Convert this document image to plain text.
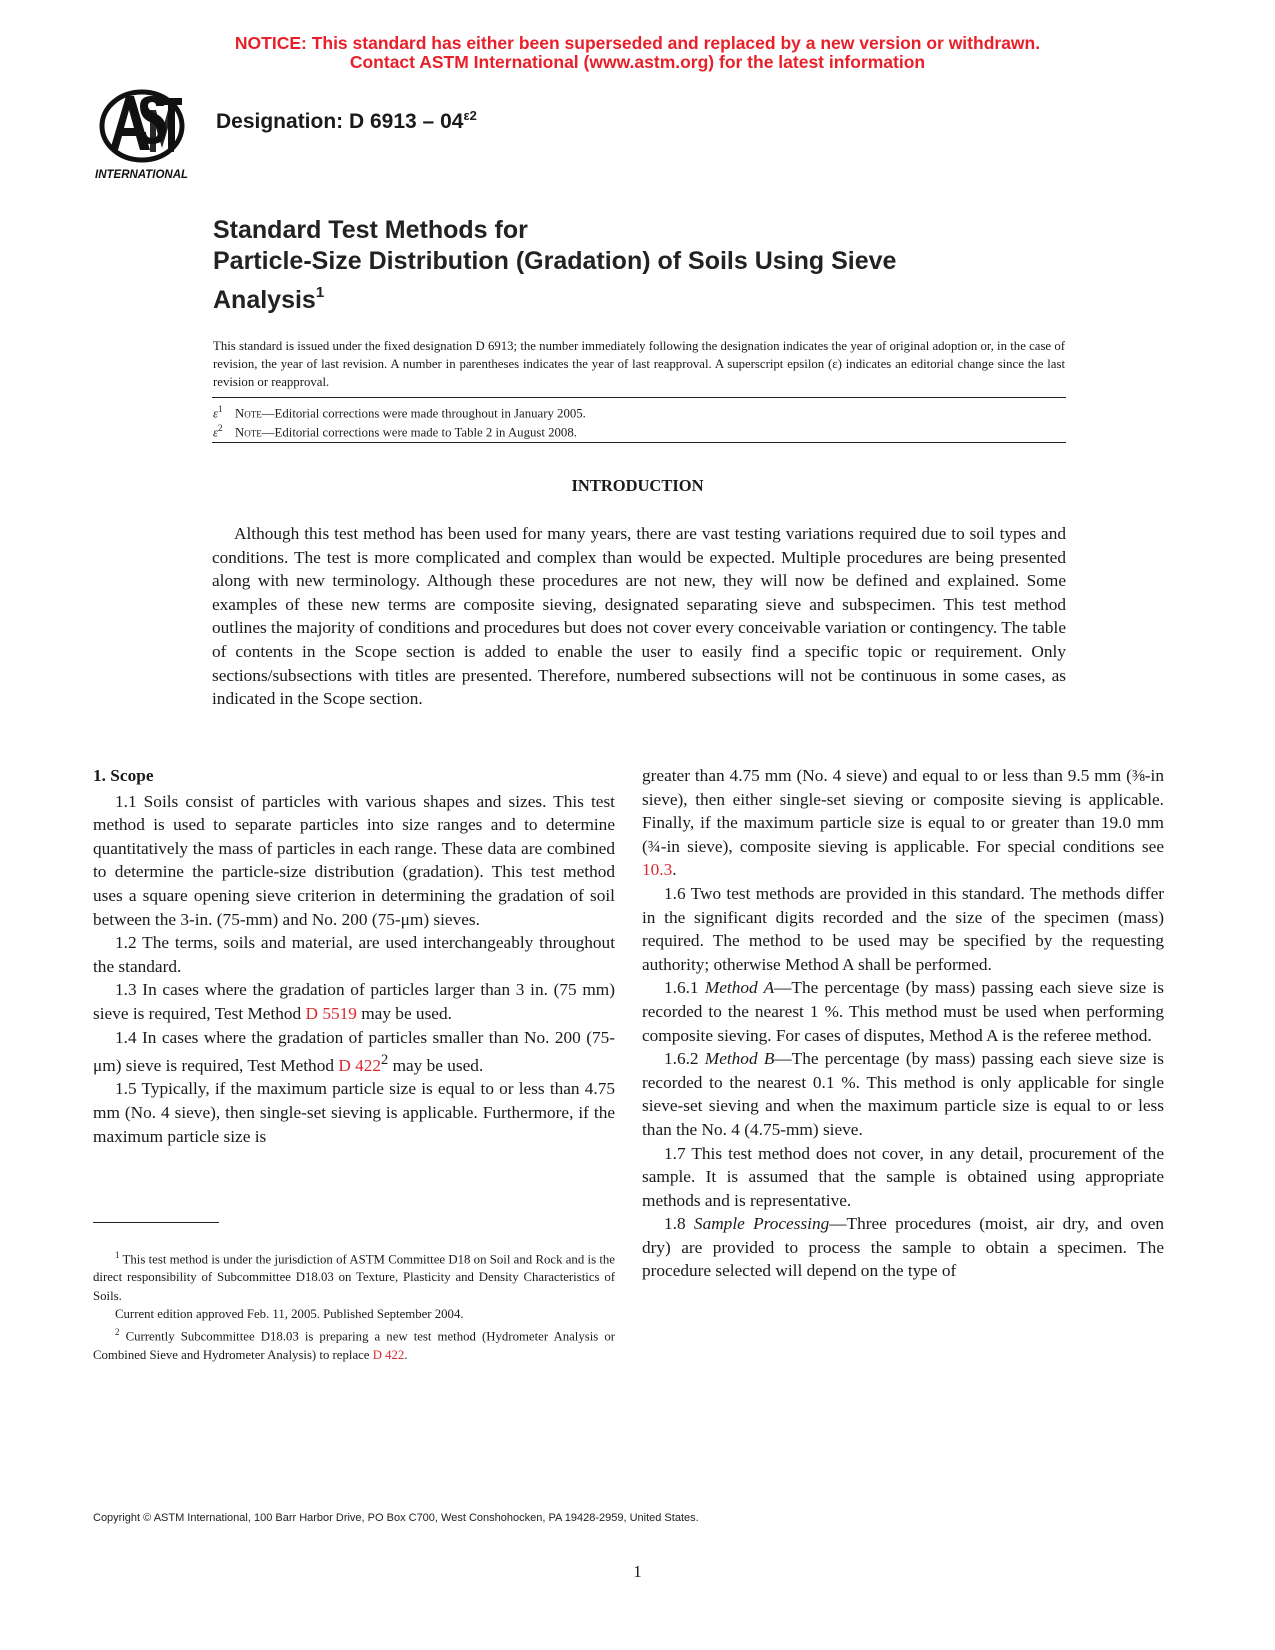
NOTICE: This standard has either been superseded and replaced by a new version or withdrawn.
Contact ASTM International (www.astm.org) for the latest information
INTERNATIONAL
Designation: D $6913 - 04^{\varepsilon 2}$
Standard Test Methods for
Particle-Size Distribution (Gradation) of Soils Using Sieve
Analysis$^1$
This standard is issued under the fixed designation D 6913; the number immediately following the designation indicates the year of original adoption or, in the case of revision, the year of last revision. A number in parentheses indicates the year of last reapproval. A superscript epsilon (ε) indicates an editorial change since the last revision or reapproval.
$\varepsilon^1$ Note—Editorial corrections were made throughout in January 2005.
$\varepsilon^2$ Note—Editorial corrections were made to Table 2 in August 2008.
INTRODUCTION

Although this test method has been used for many years, there are vast testing variations required due to soil types and conditions. The test is more complicated and complex than would be expected. Multiple procedures are being presented along with new terminology. Although these procedures are not new, they will now be defined and explained. Some examples of these new terms are composite sieving, designated separating sieve and subspecimen. This test method outlines the majority of conditions and procedures but does not cover every conceivable variation or contingency. The table of contents in the Scope section is added to enable the user to easily find a specific topic or requirement. Only sections/subsections with titles are presented. Therefore, numbered subsections will not be continuous in some cases, as indicated in the Scope section.

1. Scope

1.1 Soils consist of particles with various shapes and sizes. This test method is used to separate particles into size ranges and to determine quantitatively the mass of particles in each range. These data are combined to determine the particle-size distribution (gradation). This test method uses a square opening sieve criterion in determining the gradation of soil between the 3-in. (75-mm) and No. 200 (75-μm) sieves.

1.2 The terms, soils and material, are used interchangeably throughout the standard.

1.3 In cases where the gradation of particles larger than 3 in. (75 mm) sieve is required, Test Method D 5519 may be used.

1.4 In cases where the gradation of particles smaller than No. 200 (75-μm) sieve is required, Test Method D $422^2$ may be used.

1.5 Typically, if the maximum particle size is equal to or less than 4.75 mm (No. 4 sieve), then single-set sieving is applicable. Furthermore, if the maximum particle size is

$^1$ This test method is under the jurisdiction of ASTM Committee D18 on Soil and Rock and is the direct responsibility of Subcommittee D18.03 on Texture, Plasticity and Density Characteristics of Soils.

Current edition approved Feb. 11, 2005. Published September 2004.

$^2$ Currently Subcommittee D18.03 is preparing a new test method (Hydrometer Analysis or Combined Sieve and Hydrometer Analysis) to replace D 422.

greater than 4.75 mm (No. 4 sieve) and equal to or less than 9.5 mm (⅜-in sieve), then either single-set sieving or composite sieving is applicable. Finally, if the maximum particle size is equal to or greater than 19.0 mm (¾-in sieve), composite sieving is applicable. For special conditions see 10.3.

1.6 Two test methods are provided in this standard. The methods differ in the significant digits recorded and the size of the specimen (mass) required. The method to be used may be specified by the requesting authority; otherwise Method A shall be performed.

1.6.1 Method A—The percentage (by mass) passing each sieve size is recorded to the nearest 1 %. This method must be used when performing composite sieving. For cases of disputes, Method A is the referee method.

1.6.2 Method B—The percentage (by mass) passing each sieve size is recorded to the nearest 0.1 %. This method is only applicable for single sieve-set sieving and when the maximum particle size is equal to or less than the No. 4 (4.75-mm) sieve.

1.7 This test method does not cover, in any detail, procurement of the sample. It is assumed that the sample is obtained using appropriate methods and is representative.

1.8 Sample Processing—Three procedures (moist, air dry, and oven dry) are provided to process the sample to obtain a specimen. The procedure selected will depend on the type of

Copyright © ASTM International, 100 Barr Harbor Drive, PO Box C700, West Conshohocken, PA 19428-2959, United States.
1
